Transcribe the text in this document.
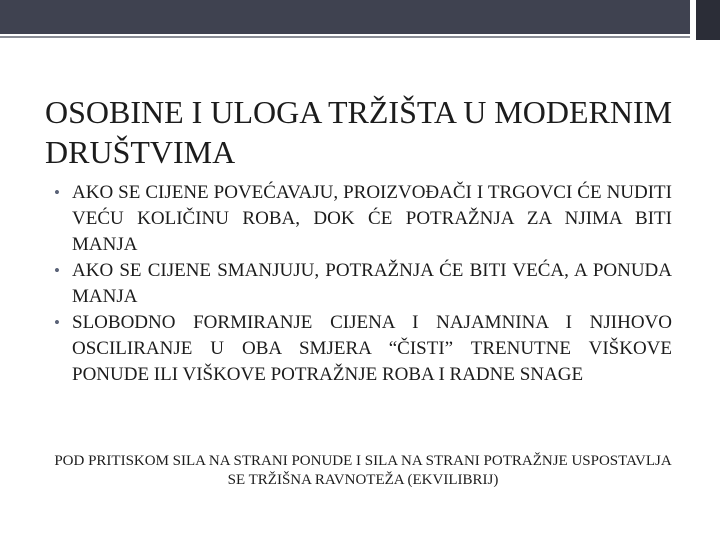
OSOBINE I ULOGA TRŽIŠTA U MODERNIM DRUŠTVIMA
• AKO SE CIJENE POVEĆAVAJU, PROIZVOĐAČI I TRGOVCI ĆE NUDITI VEĆU KOLIČINU ROBA, DOK ĆE POTRAŽNJA ZA NJIMA BITI MANJA
• AKO SE CIJENE SMANJUJU, POTRAŽNJA ĆE BITI VEĆA, A PONUDA MANJA
• SLOBODNO FORMIRANJE CIJENA I NAJAMNINA I NJIHOVO OSCILIRANJE U OBA SMJERA “ČISTI” TRENUTNE VIŠKOVE PONUDE ILI VIŠKOVE POTRAŽNJE ROBA I RADNE SNAGE

POD PRITISKOM SILA NA STRANI PONUDE I SILA NA STRANI POTRAŽNJE USPOSTAVLJA SE TRŽIŠNA RAVNOTEŽA (EKVILIBRIJ)
